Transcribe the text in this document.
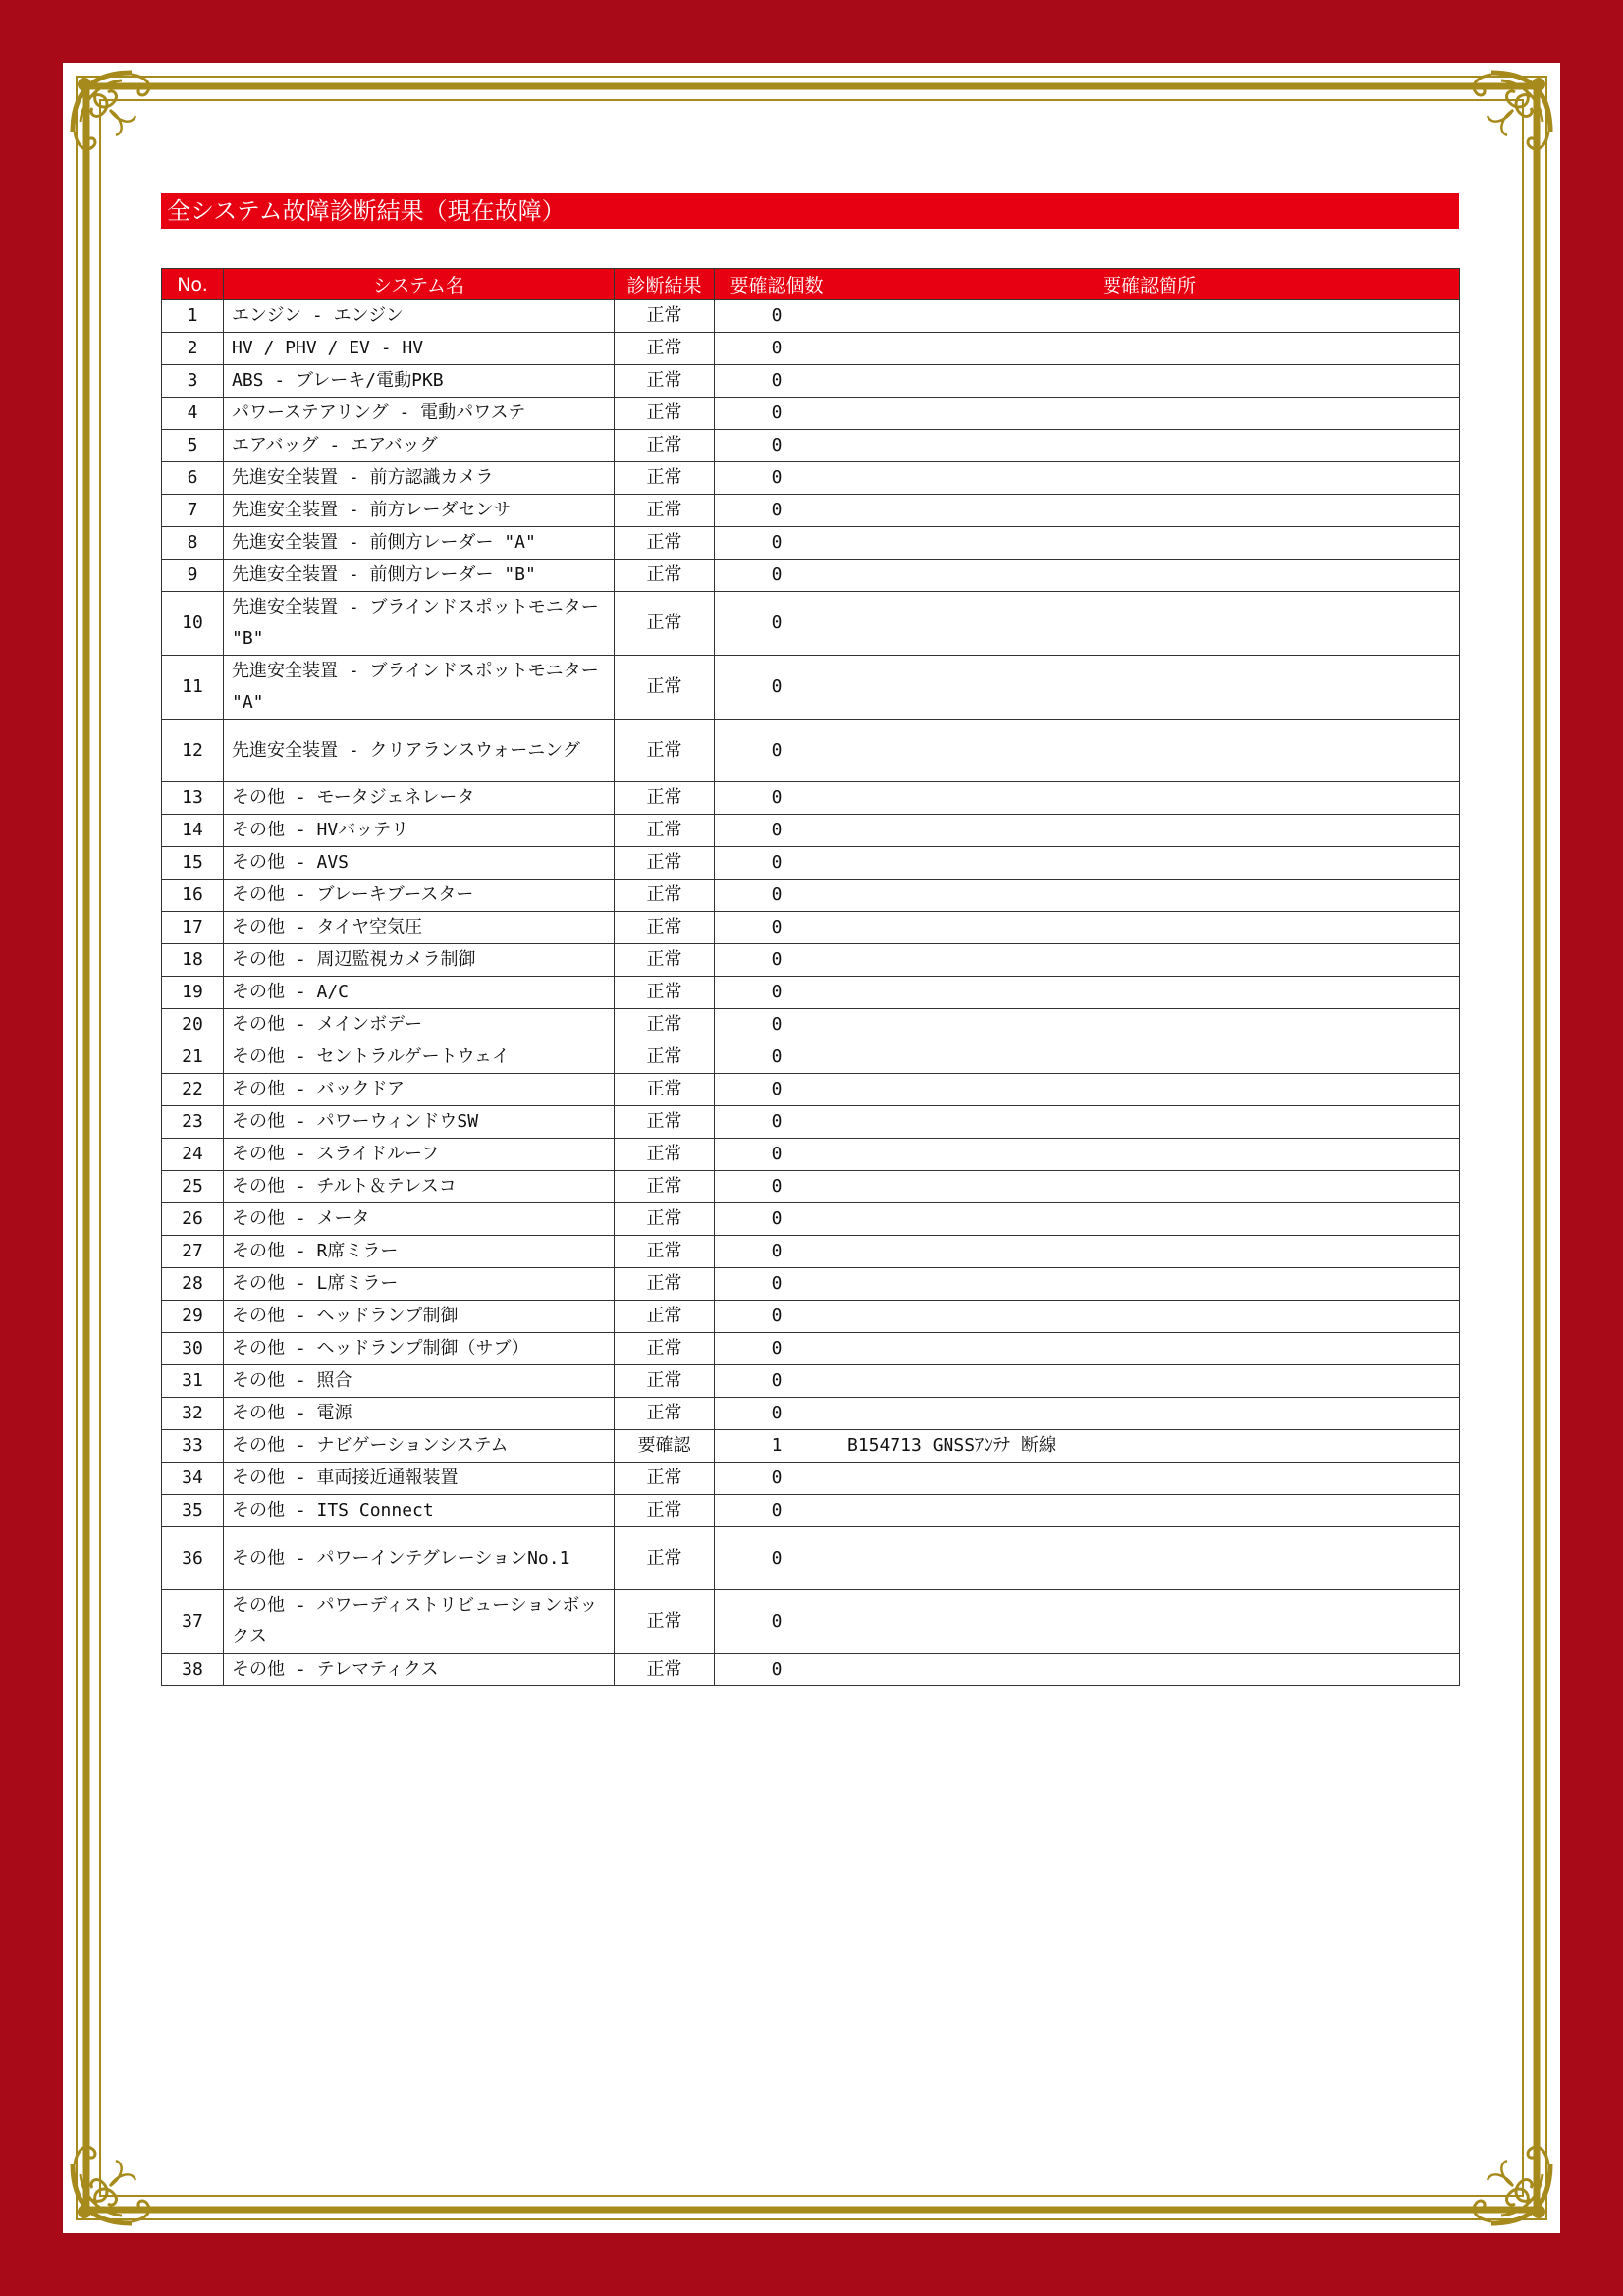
全システム故障診断結果（現在故障）
No.	システム名	診断結果	要確認個数	要確認箇所
1	エンジン - エンジン	正常	0	
2	HV / PHV / EV - HV	正常	0	
3	ABS - ブレーキ/電動PKB	正常	0	
4	パワーステアリング - 電動パワステ	正常	0	
5	エアバッグ - エアバッグ	正常	0	
6	先進安全装置 - 前方認識カメラ	正常	0	
7	先進安全装置 - 前方レーダセンサ	正常	0	
8	先進安全装置 - 前側方レーダー "A"	正常	0	
9	先進安全装置 - 前側方レーダー "B"	正常	0	
10	先進安全装置 - ブラインドスポットモニター "B"	正常	0	
11	先進安全装置 - ブラインドスポットモニター "A"	正常	0	
12	先進安全装置 - クリアランスウォーニング	正常	0	
13	その他 - モータジェネレータ	正常	0	
14	その他 - HVバッテリ	正常	0	
15	その他 - AVS	正常	0	
16	その他 - ブレーキブースター	正常	0	
17	その他 - タイヤ空気圧	正常	0	
18	その他 - 周辺監視カメラ制御	正常	0	
19	その他 - A/C	正常	0	
20	その他 - メインボデー	正常	0	
21	その他 - セントラルゲートウェイ	正常	0	
22	その他 - バックドア	正常	0	
23	その他 - パワーウィンドウSW	正常	0	
24	その他 - スライドルーフ	正常	0	
25	その他 - チルト＆テレスコ	正常	0	
26	その他 - メータ	正常	0	
27	その他 - R席ミラー	正常	0	
28	その他 - L席ミラー	正常	0	
29	その他 - ヘッドランプ制御	正常	0	
30	その他 - ヘッドランプ制御（サブ）	正常	0	
31	その他 - 照合	正常	0	
32	その他 - 電源	正常	0	
33	その他 - ナビゲーションシステム	要確認	1	B154713 GNSSｱﾝﾃﾅ 断線
34	その他 - 車両接近通報装置	正常	0	
35	その他 - ITS Connect	正常	0	
36	その他 - パワーインテグレーションNo.1	正常	0	
37	その他 - パワーディストリビューションボックス	正常	0	
38	その他 - テレマティクス	正常	0	
